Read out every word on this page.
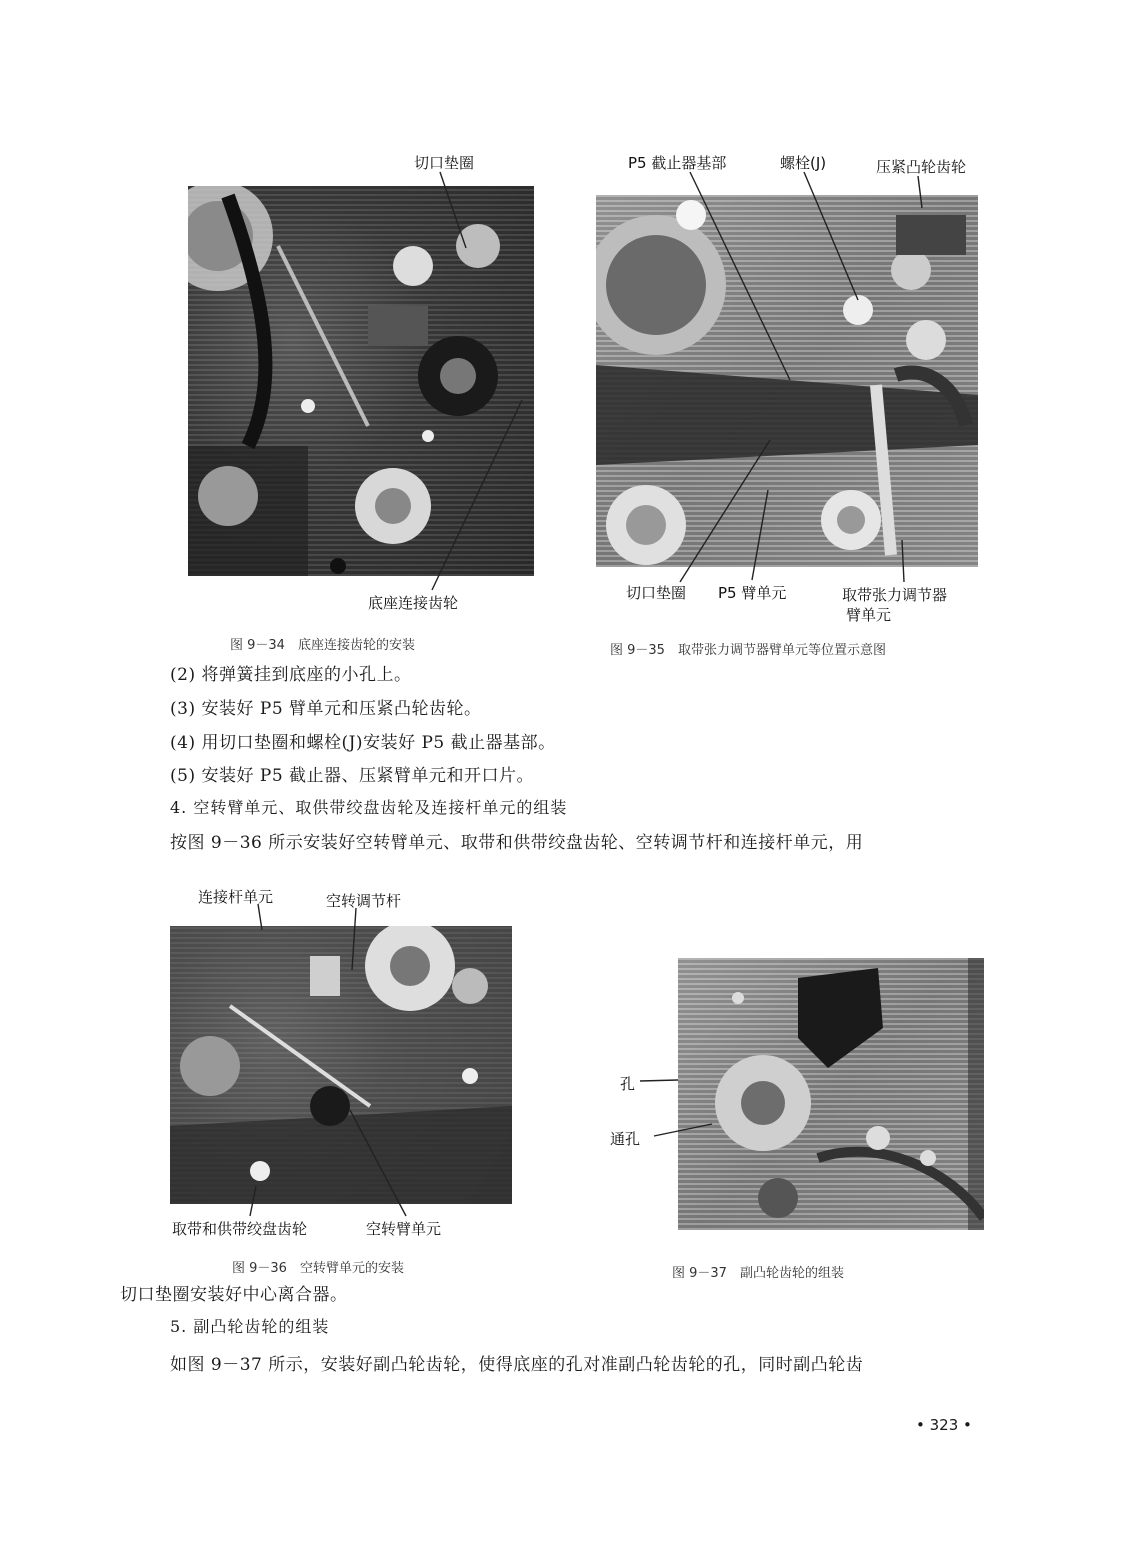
切口垫圈
底座连接齿轮
图 9－34　底座连接齿轮的安装
P5 截止器基部	螺栓(J)	压紧凸轮齿轮
切口垫圈 P5 臂单元	取带张力调节器
臂单元
图 9－35　取带张力调节器臂单元等位置示意图
(2) 将弹簧挂到底座的小孔上。
(3) 安装好 P5 臂单元和压紧凸轮齿轮。
(4) 用切口垫圈和螺栓(J)安装好 P5 截止器基部。
(5) 安装好 P5 截止器、压紧臂单元和开口片。
4. 空转臂单元、取供带绞盘齿轮及连接杆单元的组装
按图 9－36 所示安装好空转臂单元、取带和供带绞盘齿轮、空转调节杆和连接杆单元，用
连接杆单元	空转调节杆
取带和供带绞盘齿轮	空转臂单元
图 9－36　空转臂单元的安装
孔
通孔
图 9－37　副凸轮齿轮的组装
切口垫圈安装好中心离合器。
5. 副凸轮齿轮的组装
如图 9－37 所示，安装好副凸轮齿轮，使得底座的孔对准副凸轮齿轮的孔，同时副凸轮齿
• 323 •
